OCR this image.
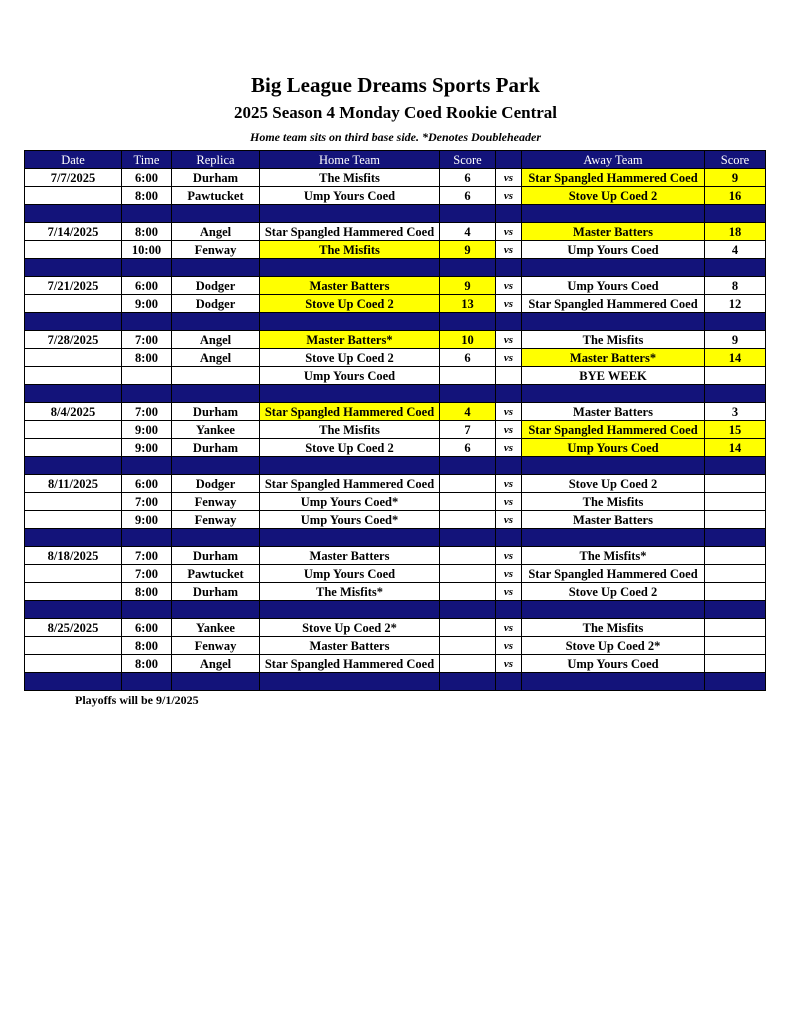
Big League Dreams Sports Park
2025 Season 4 Monday Coed Rookie Central
Home team sits on third base side. *Denotes Doubleheader
Date	Time	Replica	Home Team	Score		Away Team	Score
7/7/2025	6:00	Durham	The Misfits	6	vs	Star Spangled Hammered Coed	9
	8:00	Pawtucket	Ump Yours Coed	6	vs	Stove Up Coed 2	16

7/14/2025	8:00	Angel	Star Spangled Hammered Coed	4	vs	Master Batters	18
	10:00	Fenway	The Misfits	9	vs	Ump Yours Coed	4

7/21/2025	6:00	Dodger	Master Batters	9	vs	Ump Yours Coed	8
	9:00	Dodger	Stove Up Coed 2	13	vs	Star Spangled Hammered Coed	12

7/28/2025	7:00	Angel	Master Batters*	10	vs	The Misfits	9
	8:00	Angel	Stove Up Coed 2	6	vs	Master Batters*	14
			Ump Yours Coed			BYE WEEK	

8/4/2025	7:00	Durham	Star Spangled Hammered Coed	4	vs	Master Batters	3
	9:00	Yankee	The Misfits	7	vs	Star Spangled Hammered Coed	15
	9:00	Durham	Stove Up Coed 2	6	vs	Ump Yours Coed	14

8/11/2025	6:00	Dodger	Star Spangled Hammered Coed		vs	Stove Up Coed 2	
	7:00	Fenway	Ump Yours Coed*		vs	The Misfits	
	9:00	Fenway	Ump Yours Coed*		vs	Master Batters	

8/18/2025	7:00	Durham	Master Batters		vs	The Misfits*	
	7:00	Pawtucket	Ump Yours Coed		vs	Star Spangled Hammered Coed	
	8:00	Durham	The Misfits*		vs	Stove Up Coed 2	

8/25/2025	6:00	Yankee	Stove Up Coed 2*		vs	The Misfits	
	8:00	Fenway	Master Batters		vs	Stove Up Coed 2*	
	8:00	Angel	Star Spangled Hammered Coed		vs	Ump Yours Coed	

Playoffs will be 9/1/2025
